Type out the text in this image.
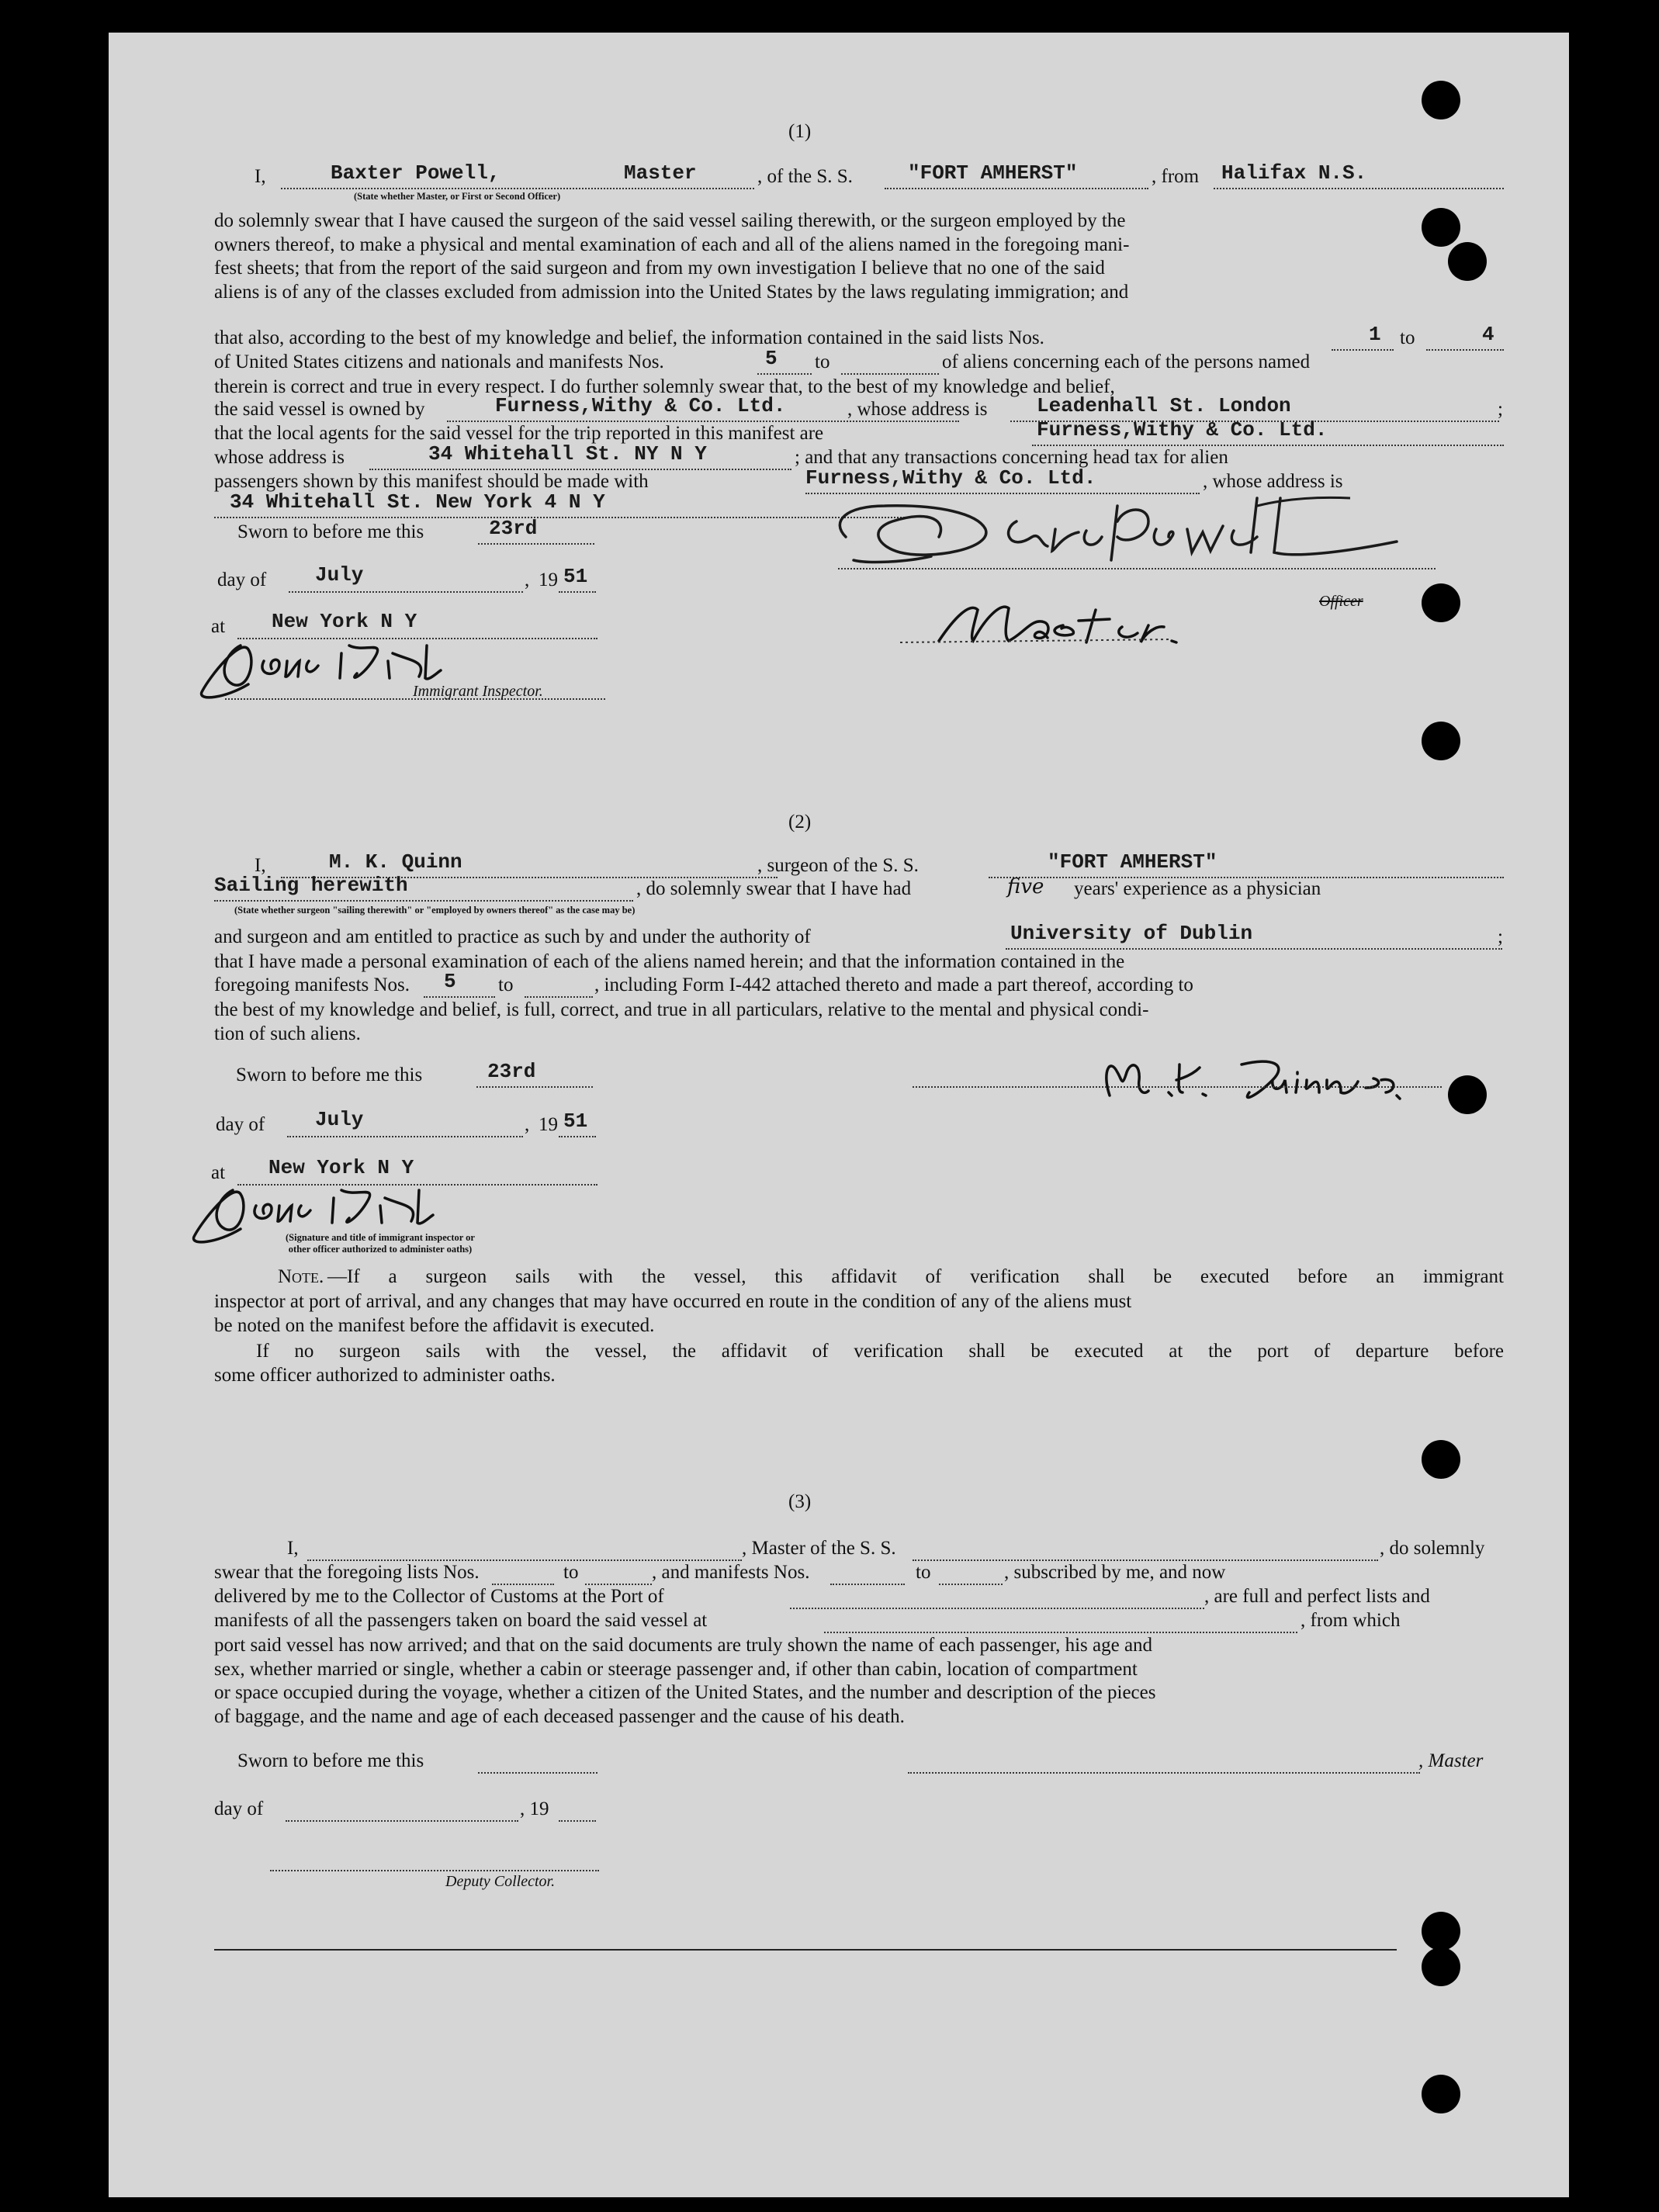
(1)
I,	Baxter Powell,	Master	, of the S. S.	"FORT AMHERST"	, from Halifax N.S.
(State whether Master, or First or Second Officer)
do solemnly swear that I have caused the surgeon of the said vessel sailing therewith, or the surgeon employed by the
owners thereof, to make a physical and mental examination of each and all of the aliens named in the foregoing mani-
fest sheets; that from the report of the said surgeon and from my own investigation I believe that no one of the said
aliens is of any of the classes excluded from admission into the United States by the laws regulating immigration; and
that also, according to the best of my knowledge and belief, the information contained in the said lists Nos.	1 to	4
of United States citizens and nationals and manifests Nos.	5 to	of aliens concerning each of the persons named
therein is correct and true in every respect. I do further solemnly swear that, to the best of my knowledge and belief,
the said vessel is owned by	Furness,Withy & Co. Ltd.	, whose address is Leadenhall St. London	;
that the local agents for the said vessel for the trip reported in this manifest are	Furness,Withy & Co. Ltd.
whose address is	34 Whitehall St. NY N Y	; and that any transactions concerning head tax for alien
passengers shown by this manifest should be made with	Furness,Withy & Co. Ltd.	, whose address is
34 Whitehall St. New York 4 N Y
Sworn to before me this	23rd
day of July	, 19 51
at New York N Y
Immigrant Inspector.
Officer
(2)
I,	M. K. Quinn	, surgeon of the S. S.	"FORT AMHERST"
Sailing herewith	, do solemnly swear that I have had	five years' experience as a physician
(State whether surgeon "sailing therewith" or "employed by owners thereof" as the case may be)
and surgeon and am entitled to practice as such by and under the authority of	University of Dublin	;
that I have made a personal examination of each of the aliens named herein; and that the information contained in the
foregoing manifests Nos. 5 to	, including Form I-442 attached thereto and made a part thereof, according to
the best of my knowledge and belief, is full, correct, and true in all particulars, relative to the mental and physical condi-
tion of such aliens.
Sworn to before me this	23rd
day of July	, 19 51
at New York N Y
(Signature and title of immigrant inspector or
other officer authorized to administer oaths)
Note. —If a surgeon sails with the vessel, this affidavit of verification shall be executed before an immigrant
inspector at port of arrival, and any changes that may have occurred en route in the condition of any of the aliens must
be noted on the manifest before the affidavit is executed.
If no surgeon sails with the vessel, the affidavit of verification shall be executed at the port of departure before
some officer authorized to administer oaths.
(3)
I,	, Master of the S. S.	, do solemnly
swear that the foregoing lists Nos.	to	, and manifests Nos.	to	, subscribed by me, and now
delivered by me to the Collector of Customs at the Port of	, are full and perfect lists and
manifests of all the passengers taken on board the said vessel at	, from which
port said vessel has now arrived; and that on the said documents are truly shown the name of each passenger, his age and
sex, whether married or single, whether a cabin or steerage passenger and, if other than cabin, location of compartment
or space occupied during the voyage, whether a citizen of the United States, and the number and description of the pieces
of baggage, and the name and age of each deceased passenger and the cause of his death.
Sworn to before me this	, Master
day of	, 19
Deputy Collector.
